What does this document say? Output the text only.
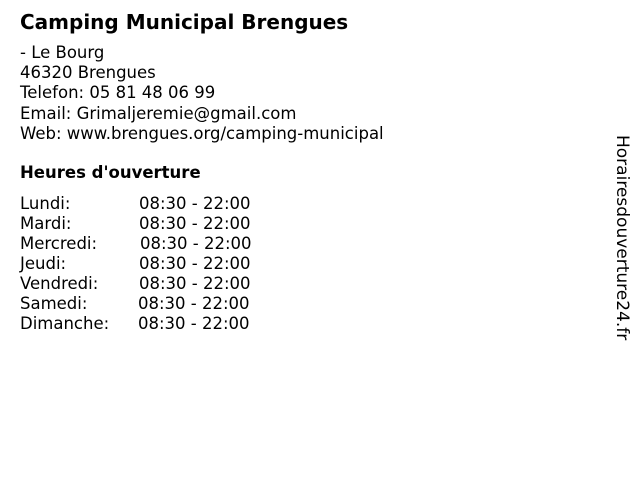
Camping Municipal Brengues
- Le Bourg
46320 Brengues
Telefon: 05 81 48 06 99
Email: Grimaljeremie@gmail.com
Web: www.brengues.org/camping-municipal
Heures d'ouverture
Lundi:	08:30 - 22:00
Mardi:	08:30 - 22:00
Mercredi:	08:30 - 22:00
Jeudi:	08:30 - 22:00
Vendredi: 08:30 - 22:00
Samedi:	08:30 - 22:00
Dimanche: 08:30 - 22:00	Horairesdouverture24.fr
